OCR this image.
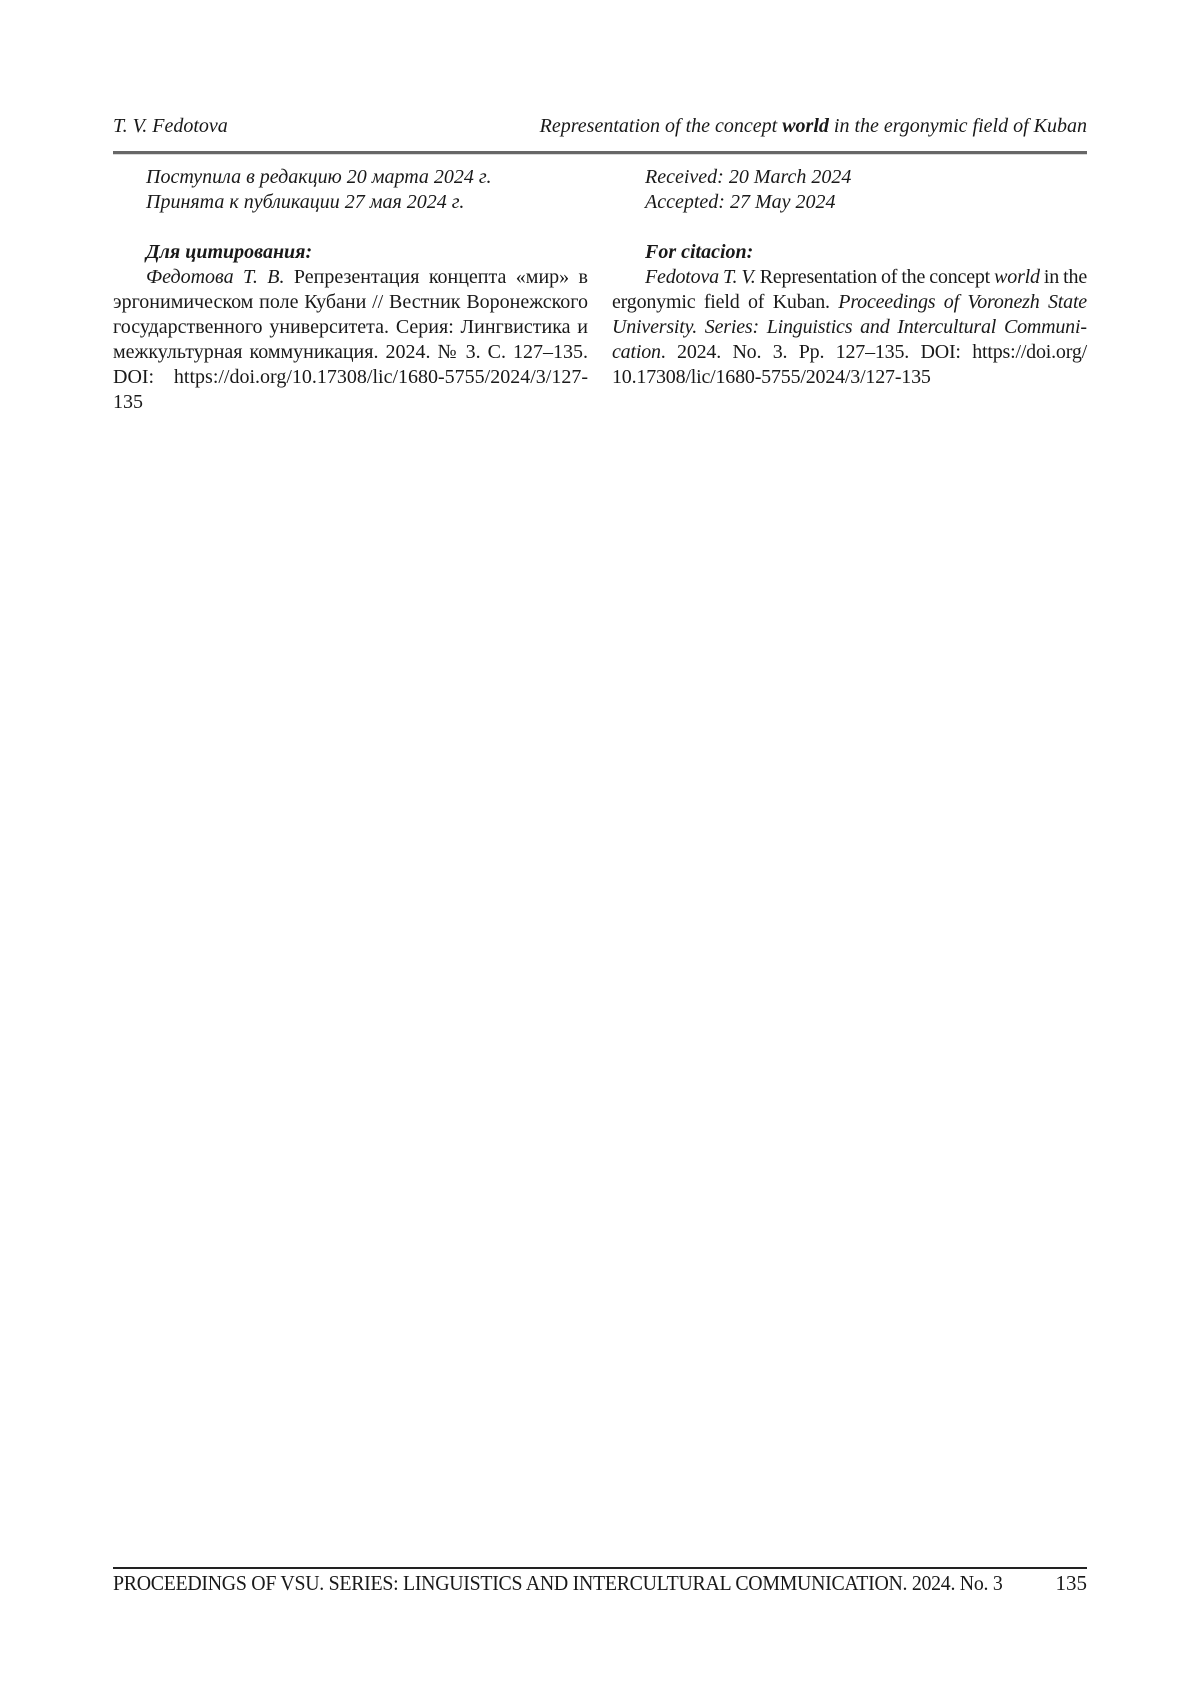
T. V. Fedotova	Representation of the concept world in the ergonymic field of Kuban

Поступила в редакцию 20 марта 2024 г.

Принята к публикации 27 мая 2024 г.

Для цитирования:

Федотова Т. В. Репрезентация концепта «мир» в эргонимическом поле Кубани // Вестник Воронежского государственного университета. Серия: Лингвистика и межкультурная коммуникация. 2024. № 3. С. 127–135. DOI: https://doi.org/​10.17308/​lic/​1680-5755/​2024/3/​127-​135

Received: 20 March 2024

Accepted: 27 May 2024

For citacion:

Fedotova T. V. Representation of the concept world in the ergonymic field of Kuban. Proceedings of Voronezh State University. Series: Linguistics and Intercultural Communication. 2024. No. 3. Pp. 127–135. DOI: https://doi.org/​10.17308/​lic/​1680-5755/​2024/3/​127-135

PROCEEDINGS OF VSU. SERIES: LINGUISTICS AND INTERCULTURAL COMMUNICATION. 2024. No. 3	135
